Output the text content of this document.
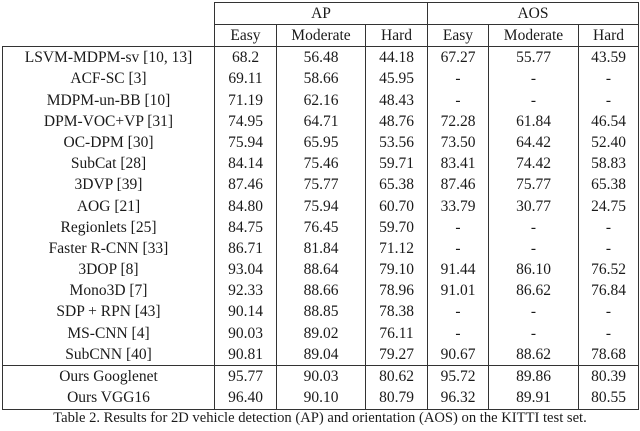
	AP			AOS		
	Easy	Moderate	Hard	Easy	Moderate	Hard
LSVM-MDPM-sv [10, 13]	68.2	56.48	44.18	67.27	55.77	43.59
ACF-SC [3]	69.11	58.66	45.95	-	-	-
MDPM-un-BB [10]	71.19	62.16	48.43	-	-	-
DPM-VOC+VP [31]	74.95	64.71	48.76	72.28	61.84	46.54
OC-DPM [30]	75.94	65.95	53.56	73.50	64.42	52.40
SubCat [28]	84.14	75.46	59.71	83.41	74.42	58.83
3DVP [39]	87.46	75.77	65.38	87.46	75.77	65.38
AOG [21]	84.80	75.94	60.70	33.79	30.77	24.75
Regionlets [25]	84.75	76.45	59.70	-	-	-
Faster R-CNN [33]	86.71	81.84	71.12	-	-	-
3DOP [8]	93.04	88.64	79.10	91.44	86.10	76.52
Mono3D [7]	92.33	88.66	78.96	91.01	86.62	76.84
SDP + RPN [43]	90.14	88.85	78.38	-	-	-
MS-CNN [4]	90.03	89.02	76.11	-	-	-
SubCNN [40]	90.81	89.04	79.27	90.67	88.62	78.68
Ours Googlenet	95.77	90.03	80.62	95.72	89.86	80.39
Ours VGG16	96.40	90.10	80.79	96.32	89.91	80.55
Table 2. Results for 2D vehicle detection (AP) and orientation (AOS) on the KITTI test set.
